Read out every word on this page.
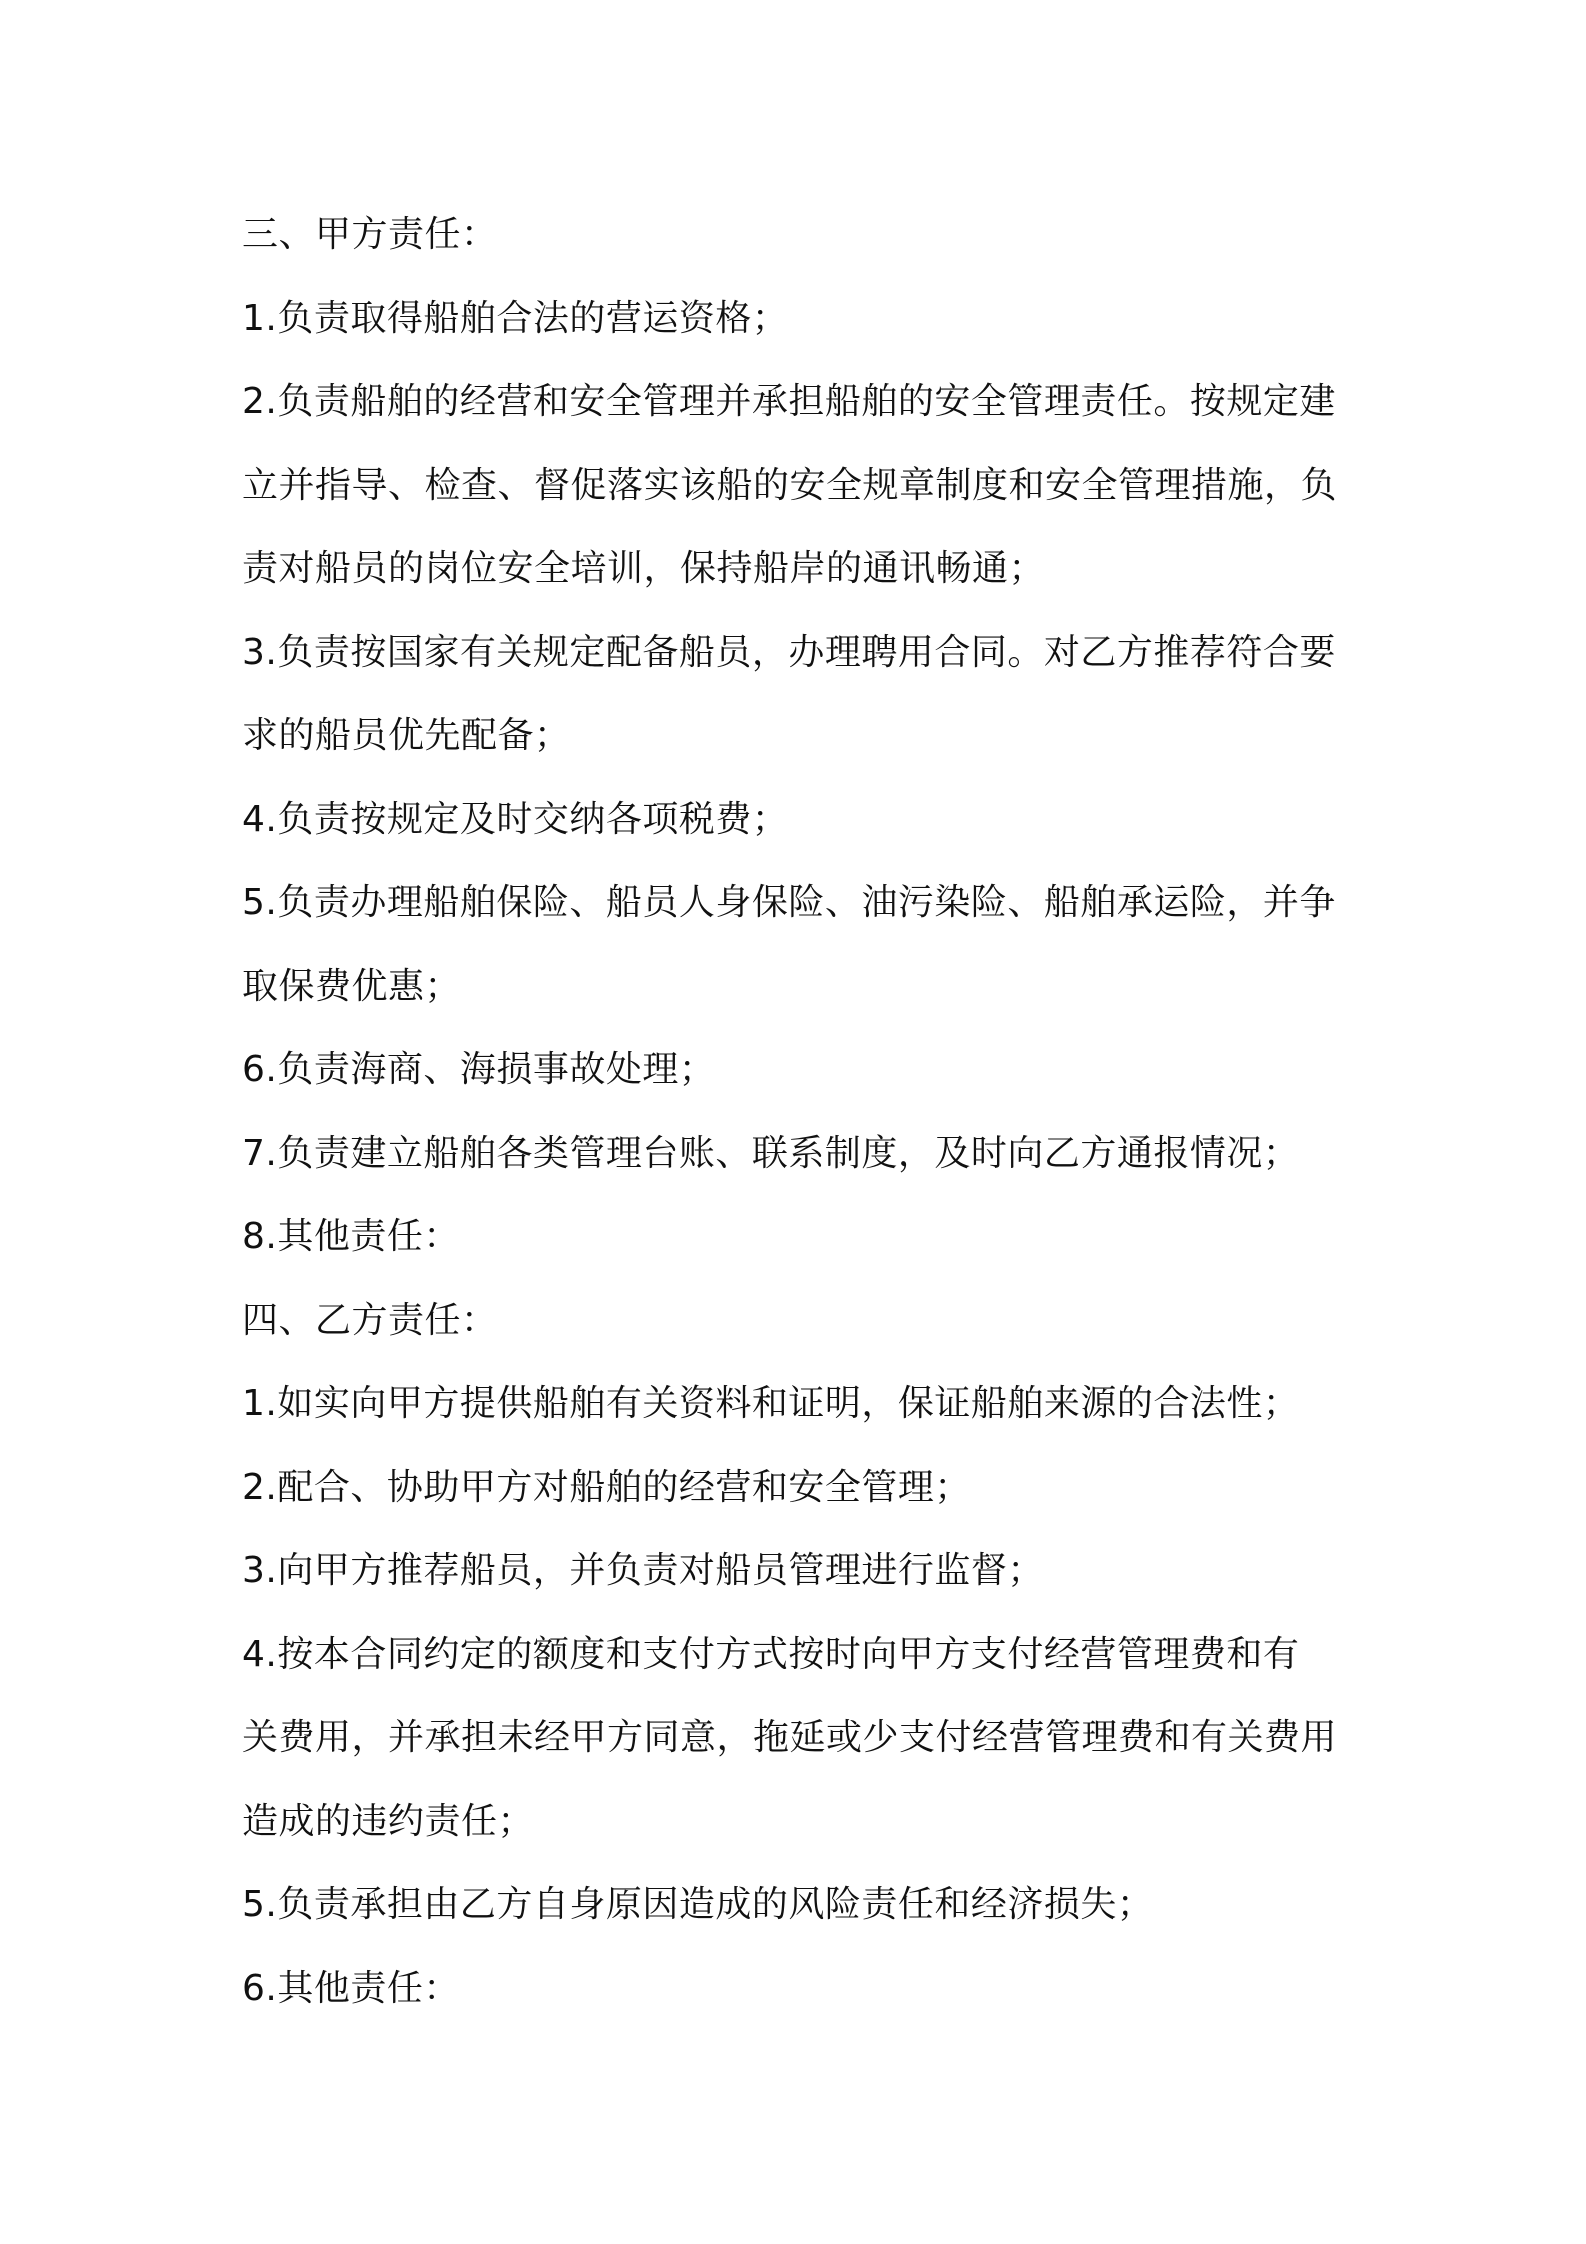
三、甲方责任：
1.负责取得船舶合法的营运资格；
2.负责船舶的经营和安全管理并承担船舶的安全管理责任。按规定建
立并指导、检查、督促落实该船的安全规章制度和安全管理措施，负
责对船员的岗位安全培训，保持船岸的通讯畅通；
3.负责按国家有关规定配备船员，办理聘用合同。对乙方推荐符合要
求的船员优先配备；
4.负责按规定及时交纳各项税费；
5.负责办理船舶保险、船员人身保险、油污染险、船舶承运险，并争
取保费优惠；
6.负责海商、海损事故处理；
7.负责建立船舶各类管理台账、联系制度，及时向乙方通报情况；
8.其他责任：
四、乙方责任：
1.如实向甲方提供船舶有关资料和证明，保证船舶来源的合法性；
2.配合、协助甲方对船舶的经营和安全管理；
3.向甲方推荐船员，并负责对船员管理进行监督；
4.按本合同约定的额度和支付方式按时向甲方支付经营管理费和有
关费用，并承担未经甲方同意，拖延或少支付经营管理费和有关费用
造成的违约责任；
5.负责承担由乙方自身原因造成的风险责任和经济损失；
6.其他责任：
